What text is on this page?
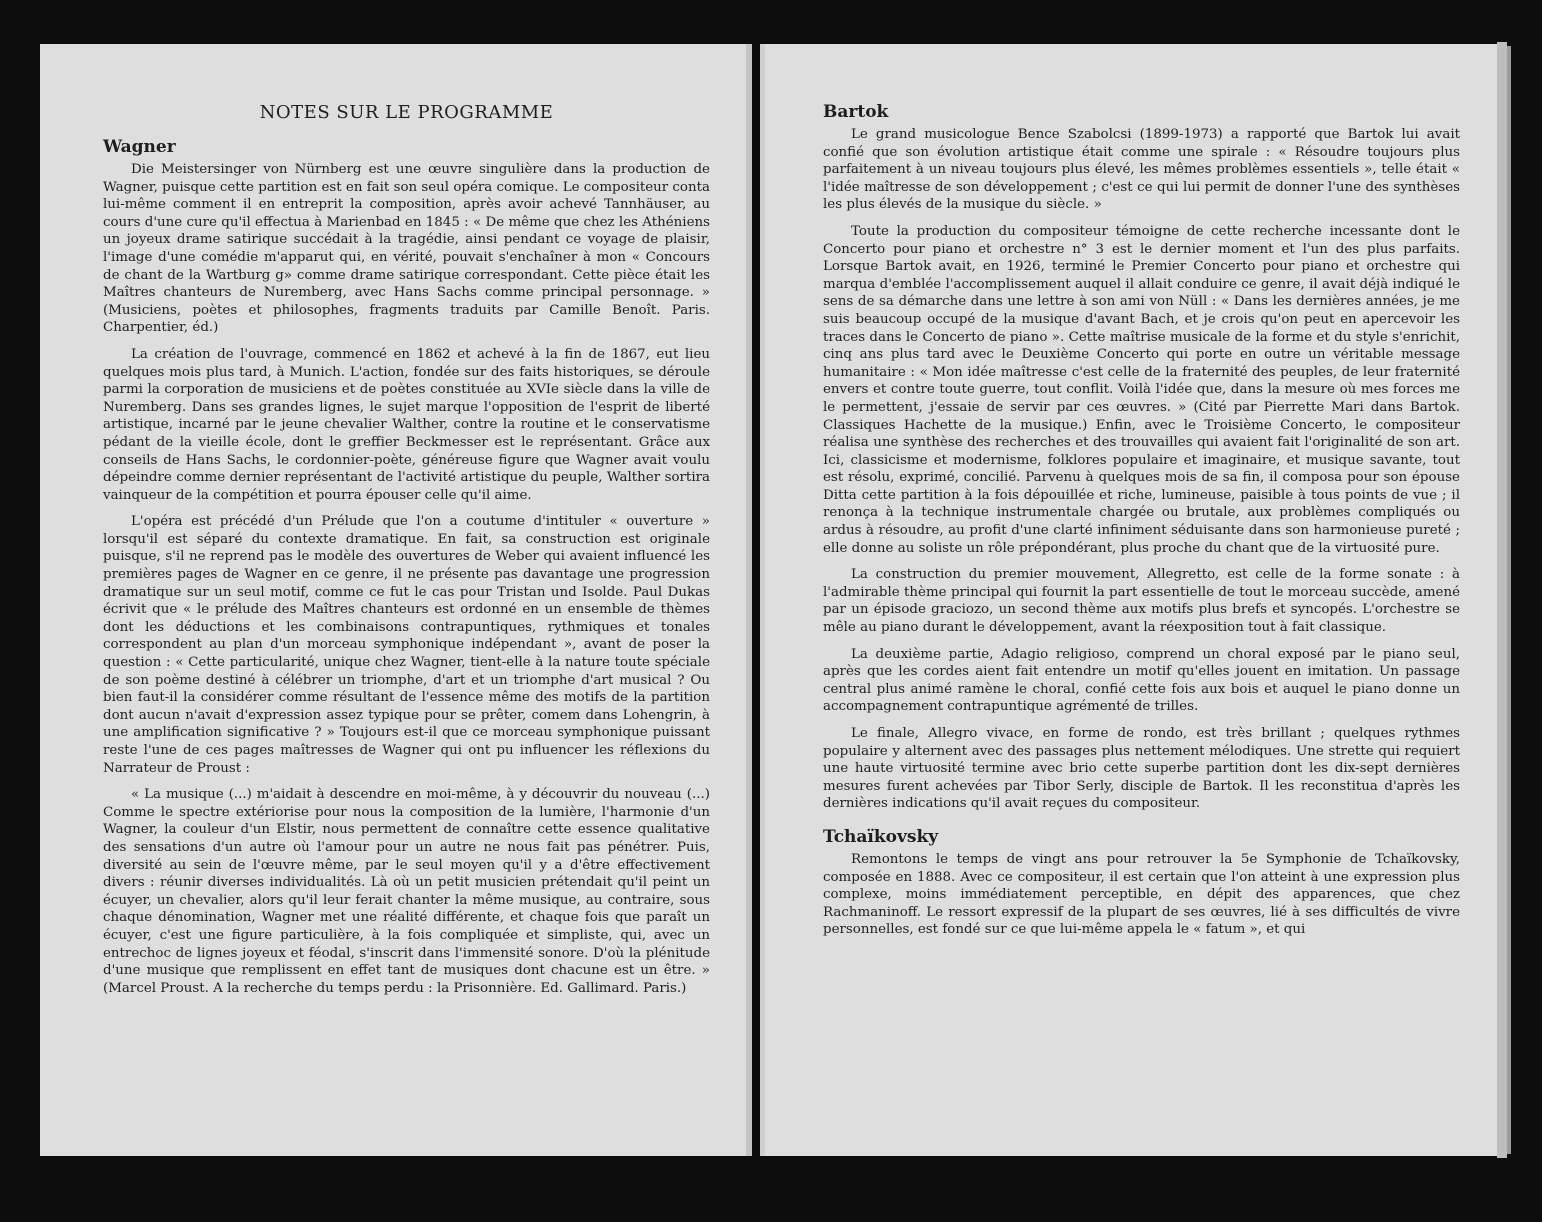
NOTES SUR LE PROGRAMME
Wagner

Die Meistersinger von Nürnberg est une œuvre singulière dans la production de Wagner, puisque cette partition est en fait son seul opéra comique. Le compositeur conta lui-même comment il en entreprit la composition, après avoir achevé Tannhäuser, au cours d'une cure qu'il effectua à Marienbad en 1845 : « De même que chez les Athéniens un joyeux drame satirique succédait à la tragédie, ainsi pendant ce voyage de plaisir, l'image d'une comédie m'apparut qui, en vérité, pouvait s'enchaîner à mon « Concours de chant de la Wartburg g» comme drame satirique correspondant. Cette pièce était les Maîtres chanteurs de Nuremberg, avec Hans Sachs comme principal personnage. » (Musiciens, poètes et philosophes, fragments traduits par Camille Benoît. Paris. Charpentier, éd.)

La création de l'ouvrage, commencé en 1862 et achevé à la fin de 1867, eut lieu quelques mois plus tard, à Munich. L'action, fondée sur des faits historiques, se déroule parmi la corporation de musiciens et de poètes constituée au XVIe siècle dans la ville de Nuremberg. Dans ses grandes lignes, le sujet marque l'opposition de l'esprit de liberté artistique, incarné par le jeune chevalier Walther, contre la routine et le conservatisme pédant de la vieille école, dont le greffier Beckmesser est le représentant. Grâce aux conseils de Hans Sachs, le cordonnier-poète, généreuse figure que Wagner avait voulu dépeindre comme dernier représentant de l'activité artistique du peuple, Walther sortira vainqueur de la compétition et pourra épouser celle qu'il aime.

L'opéra est précédé d'un Prélude que l'on a coutume d'intituler « ouverture » lorsqu'il est séparé du contexte dramatique. En fait, sa construction est originale puisque, s'il ne reprend pas le modèle des ouvertures de Weber qui avaient influencé les premières pages de Wagner en ce genre, il ne présente pas davantage une progression dramatique sur un seul motif, comme ce fut le cas pour Tristan und Isolde. Paul Dukas écrivit que « le prélude des Maîtres chanteurs est ordonné en un ensemble de thèmes dont les déductions et les combinaisons contrapuntiques, rythmiques et tonales correspondent au plan d'un morceau symphonique indépendant », avant de poser la question : « Cette particularité, unique chez Wagner, tient-elle à la nature toute spéciale de son poème destiné à célébrer un triomphe, d'art et un triomphe d'art musical ? Ou bien faut-il la considérer comme résultant de l'essence même des motifs de la partition dont aucun n'avait d'expression assez typique pour se prêter, comem dans Lohengrin, à une amplification significative ? » Toujours est-il que ce morceau symphonique puissant reste l'une de ces pages maîtresses de Wagner qui ont pu influencer les réflexions du Narrateur de Proust :

« La musique (...) m'aidait à descendre en moi-même, à y découvrir du nouveau (...) Comme le spectre extériorise pour nous la composition de la lumière, l'harmonie d'un Wagner, la couleur d'un Elstir, nous permettent de connaître cette essence qualitative des sensations d'un autre où l'amour pour un autre ne nous fait pas pénétrer. Puis, diversité au sein de l'œuvre même, par le seul moyen qu'il y a d'être effectivement divers : réunir diverses individualités. Là où un petit musicien prétendait qu'il peint un écuyer, un chevalier, alors qu'il leur ferait chanter la même musique, au contraire, sous chaque dénomination, Wagner met une réalité différente, et chaque fois que paraît un écuyer, c'est une figure particulière, à la fois compliquée et simpliste, qui, avec un entrechoc de lignes joyeux et féodal, s'inscrit dans l'immensité sonore. D'où la plénitude d'une musique que remplissent en effet tant de musiques dont chacune est un être. » (Marcel Proust. A la recherche du temps perdu : la Prisonnière. Ed. Gallimard. Paris.)

Bartok

Le grand musicologue Bence Szabolcsi (1899-1973) a rapporté que Bartok lui avait confié que son évolution artistique était comme une spirale : « Résoudre toujours plus parfaitement à un niveau toujours plus élevé, les mêmes problèmes essentiels », telle était « l'idée maîtresse de son développement ; c'est ce qui lui permit de donner l'une des synthèses les plus élevés de la musique du siècle. »

Toute la production du compositeur témoigne de cette recherche incessante dont le Concerto pour piano et orchestre n° 3 est le dernier moment et l'un des plus parfaits. Lorsque Bartok avait, en 1926, terminé le Premier Concerto pour piano et orchestre qui marqua d'emblée l'accomplissement auquel il allait conduire ce genre, il avait déjà indiqué le sens de sa démarche dans une lettre à son ami von Nüll : « Dans les dernières années, je me suis beaucoup occupé de la musique d'avant Bach, et je crois qu'on peut en apercevoir les traces dans le Concerto de piano ». Cette maîtrise musicale de la forme et du style s'enrichit, cinq ans plus tard avec le Deuxième Concerto qui porte en outre un véritable message humanitaire : « Mon idée maîtresse c'est celle de la fraternité des peuples, de leur fraternité envers et contre toute guerre, tout conflit. Voilà l'idée que, dans la mesure où mes forces me le permettent, j'essaie de servir par ces œuvres. » (Cité par Pierrette Mari dans Bartok. Classiques Hachette de la musique.) Enfin, avec le Troisième Concerto, le compositeur réalisa une synthèse des recherches et des trouvailles qui avaient fait l'originalité de son art. Ici, classicisme et modernisme, folklores populaire et imaginaire, et musique savante, tout est résolu, exprimé, concilié. Parvenu à quelques mois de sa fin, il composa pour son épouse Ditta cette partition à la fois dépouillée et riche, lumineuse, paisible à tous points de vue ; il renonça à la technique instrumentale chargée ou brutale, aux problèmes compliqués ou ardus à résoudre, au profit d'une clarté infiniment séduisante dans son harmonieuse pureté ; elle donne au soliste un rôle prépondérant, plus proche du chant que de la virtuosité pure.

La construction du premier mouvement, Allegretto, est celle de la forme sonate : à l'admirable thème principal qui fournit la part essentielle de tout le morceau succède, amené par un épisode graciozo, un second thème aux motifs plus brefs et syncopés. L'orchestre se mêle au piano durant le développement, avant la réexposition tout à fait classique.

La deuxième partie, Adagio religioso, comprend un choral exposé par le piano seul, après que les cordes aient fait entendre un motif qu'elles jouent en imitation. Un passage central plus animé ramène le choral, confié cette fois aux bois et auquel le piano donne un accompagnement contrapuntique agrémenté de trilles.

Le finale, Allegro vivace, en forme de rondo, est très brillant ; quelques rythmes populaire y alternent avec des passages plus nettement mélodiques. Une strette qui requiert une haute virtuosité termine avec brio cette superbe partition dont les dix-sept dernières mesures furent achevées par Tibor Serly, disciple de Bartok. Il les reconstitua d'après les dernières indications qu'il avait reçues du compositeur.

Tchaïkovsky

Remontons le temps de vingt ans pour retrouver la 5e Symphonie de Tchaïkovsky, composée en 1888. Avec ce compositeur, il est certain que l'on atteint à une expression plus complexe, moins immédiatement perceptible, en dépit des apparences, que chez Rachmaninoff. Le ressort expressif de la plupart de ses œuvres, lié à ses difficultés de vivre personnelles, est fondé sur ce que lui-même appela le « fatum », et qui
